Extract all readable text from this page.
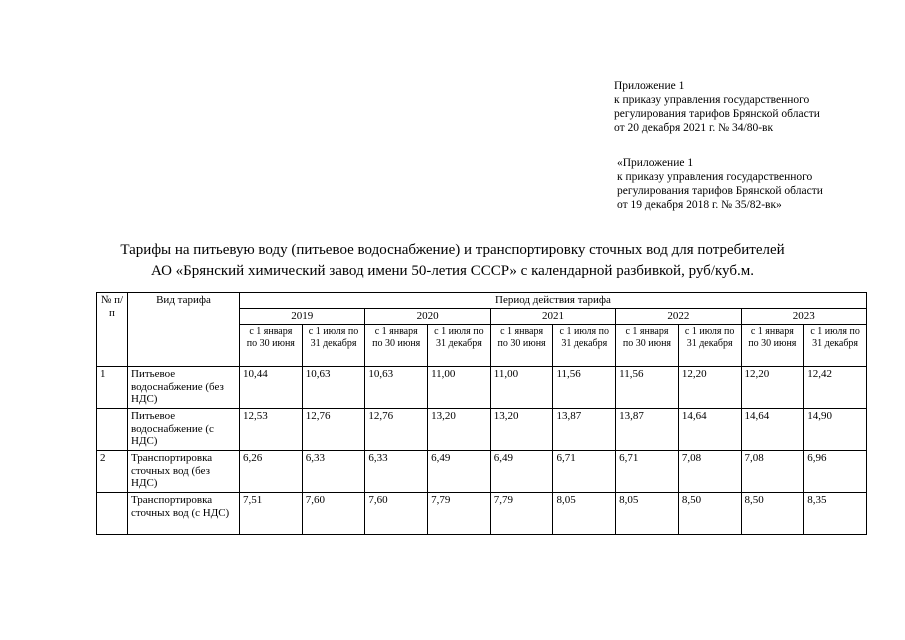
Приложение 1
к приказу управления государственного
регулирования тарифов Брянской области
от 20 декабря 2021 г. № 34/80-вк
«Приложение 1
к приказу управления государственного
регулирования тарифов Брянской области
от 19 декабря 2018 г. № 35/82-вк»
Тарифы на питьевую воду (питьевое водоснабжение) и транспортировку сточных вод для потребителей
АО «Брянский химический завод имени 50-летия СССР» с календарной разбивкой, руб/куб.м.
№ п/п	Вид тарифа	Период действия тарифа									
		2019		2020		2021		2022		2023	
		с 1 января по 30 июня	с 1 июля по 31 декабря	с 1 января по 30 июня	с 1 июля по 31 декабря	с 1 января по 30 июня	с 1 июля по 31 декабря	с 1 января по 30 июня	с 1 июля по 31 декабря	с 1 января по 30 июня	с 1 июля по 31 декабря
1	Питьевое водоснабжение (без НДС)	10,44	10,63	10,63	11,00	11,00	11,56	11,56	12,20	12,20	12,42
	Питьевое водоснабжение (с НДС)	12,53	12,76	12,76	13,20	13,20	13,87	13,87	14,64	14,64	14,90
2	Транспортировка сточных вод (без НДС)	6,26	6,33	6,33	6,49	6,49	6,71	6,71	7,08	7,08	6,96
	Транспортировка сточных вод (с НДС)	7,51	7,60	7,60	7,79	7,79	8,05	8,05	8,50	8,50	8,35
